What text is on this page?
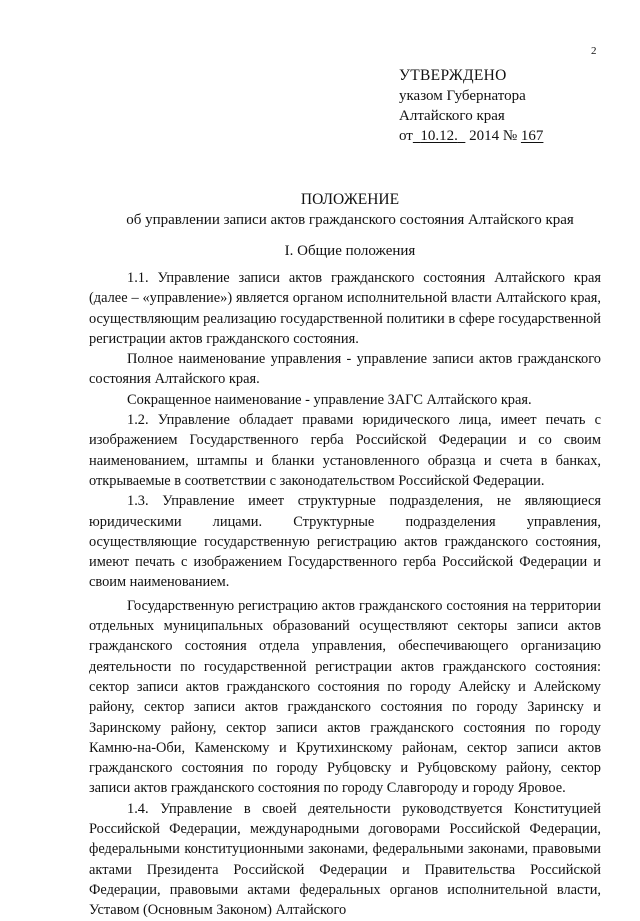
2
УТВЕРЖДЕНО
указом Губернатора
Алтайского края
от 10.12. 2014 № 167
ПОЛОЖЕНИЕ
об управлении записи актов гражданского состояния Алтайского края
I. Общие положения

1.1. Управление записи актов гражданского состояния Алтайского края (далее – «управление») является органом исполнительной власти Алтайского края, осуществляющим реализацию государственной политики в сфере государственной регистрации актов гражданского состояния.

Полное наименование управления - управление записи актов гражданского состояния Алтайского края.

Сокращенное наименование - управление ЗАГС Алтайского края.

1.2. Управление обладает правами юридического лица, имеет печать с изображением Государственного герба Российской Федерации и со своим наименованием, штампы и бланки установленного образца и счета в банках, открываемые в соответствии с законодательством Российской Федерации.

1.3. Управление имеет структурные подразделения, не являющиеся юридическими лицами. Структурные подразделения управления, осуществляющие государственную регистрацию актов гражданского состояния, имеют печать с изображением Государственного герба Российской Федерации и своим наименованием.

Государственную регистрацию актов гражданского состояния на территории отдельных муниципальных образований осуществляют секторы записи актов гражданского состояния отдела управления, обеспечивающего организацию деятельности по государственной регистрации актов гражданского состояния: сектор записи актов гражданского состояния по городу Алейску и Алейскому району, сектор записи актов гражданского состояния по городу Заринску и Заринскому району, сектор записи актов гражданского состояния по городу Камню-на-Оби, Каменскому и Крутихинскому районам, сектор записи актов гражданского состояния по городу Рубцовску и Рубцовскому району, сектор записи актов гражданского состояния по городу Славгороду и городу Яровое.

1.4. Управление в своей деятельности руководствуется Конституцией Российской Федерации, международными договорами Российской Федерации, федеральными конституционными законами, федеральными законами, правовыми актами Президента Российской Федерации и Правительства Российской Федерации, правовыми актами федеральных органов исполнительной власти, Уставом (Основным Законом) Алтайского
